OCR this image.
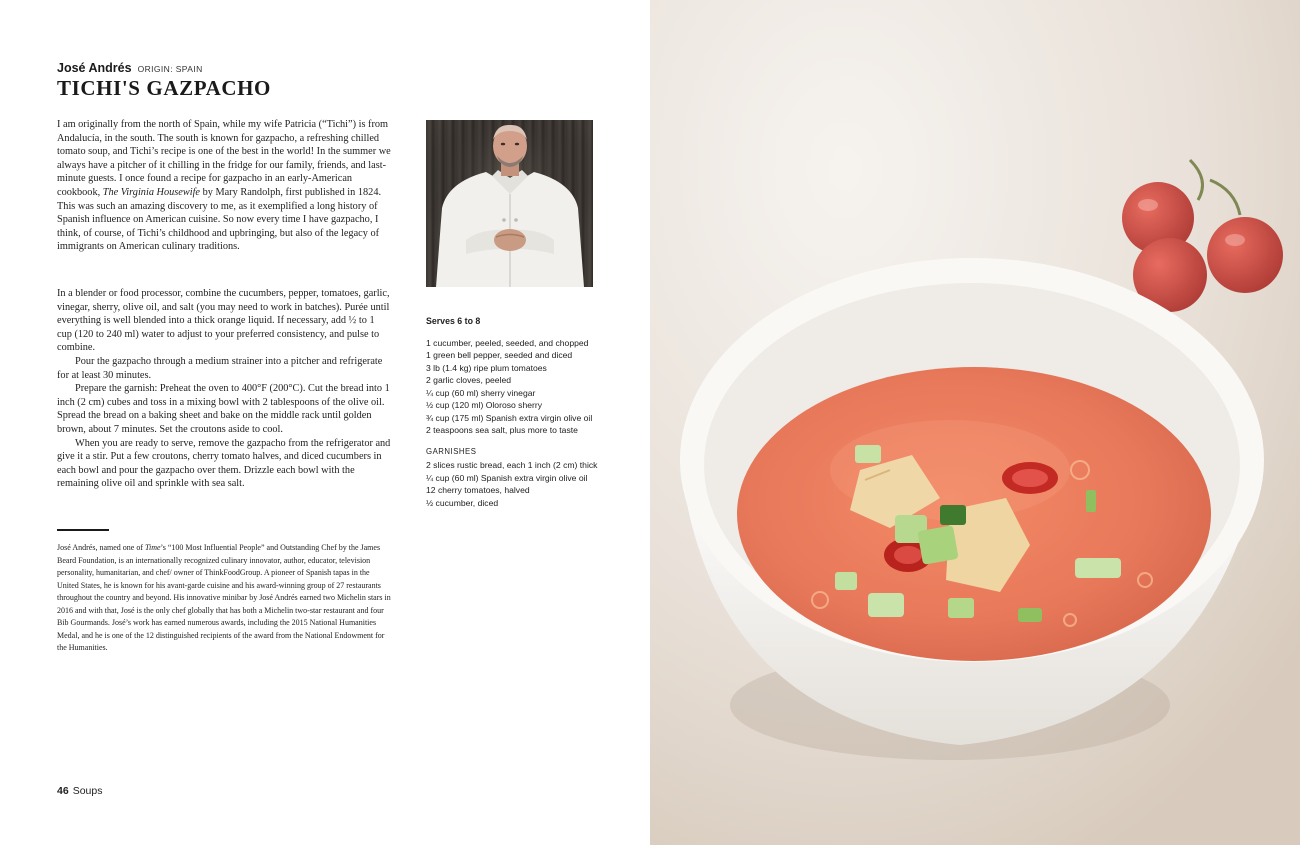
José Andrés ORIGIN: SPAIN
TICHI'S GAZPACHO
I am originally from the north of Spain, while my wife Patricia (“Tichi”) is from Andalucía, in the south. The south is known for gazpacho, a refreshing chilled tomato soup, and Tichi’s recipe is one of the best in the world! In the summer we always have a pitcher of it chilling in the fridge for our family, friends, and last-minute guests. I once found a recipe for gazpacho in an early-American cookbook, The Virginia Housewife by Mary Randolph, first published in 1824. This was such an amazing discovery to me, as it exemplified a long history of Spanish influence on American cuisine. So now every time I have gazpacho, I think, of course, of Tichi’s childhood and upbringing, but also of the legacy of immigrants on American culinary traditions.

In a blender or food processor, combine the cucumbers, pepper, tomatoes, garlic, vinegar, sherry, olive oil, and salt (you may need to work in batches). Purée until everything is well blended into a thick orange liquid. If necessary, add ½ to 1 cup (120 to 240 ml) water to adjust to your preferred consistency, and pulse to combine.

Pour the gazpacho through a medium strainer into a pitcher and refrigerate for at least 30 minutes.

Prepare the garnish: Preheat the oven to 400°F (200°C). Cut the bread into 1 inch (2 cm) cubes and toss in a mixing bowl with 2 tablespoons of the olive oil. Spread the bread on a baking sheet and bake on the middle rack until golden brown, about 7 minutes. Set the croutons aside to cool.

When you are ready to serve, remove the gazpacho from the refrigerator and give it a stir. Put a few croutons, cherry tomato halves, and diced cucumbers in each bowl and pour the gazpacho over them. Drizzle each bowl with the remaining olive oil and sprinkle with sea salt.

José Andrés, named one of Time’s “100 Most Influential People” and Outstanding Chef by the James Beard Foundation, is an internationally recognized culinary innovator, author, educator, television personality, humanitarian, and chef/ owner of ThinkFoodGroup. A pioneer of Spanish tapas in the United States, he is known for his avant-garde cuisine and his award-winning group of 27 restaurants throughout the country and beyond. His innovative minibar by José Andrés earned two Michelin stars in 2016 and with that, José is the only chef globally that has both a Michelin two-star restaurant and four Bib Gourmands. José’s work has earned numerous awards, including the 2015 National Humanities Medal, and he is one of the 12 distinguished recipients of the award from the National Endowment for the Humanities.
Serves 6 to 8
1 cucumber, peeled, seeded, and chopped
1 green bell pepper, seeded and diced
3 lb (1.4 kg) ripe plum tomatoes
2 garlic cloves, peeled
¼ cup (60 ml) sherry vinegar
½ cup (120 ml) Oloroso sherry
¾ cup (175 ml) Spanish extra virgin olive oil
2 teaspoons sea salt, plus more to taste
GARNISHES
2 slices rustic bread, each 1 inch (2 cm) thick
¼ cup (60 ml) Spanish extra virgin olive oil
12 cherry tomatoes, halved
½ cucumber, diced
46 Soups
